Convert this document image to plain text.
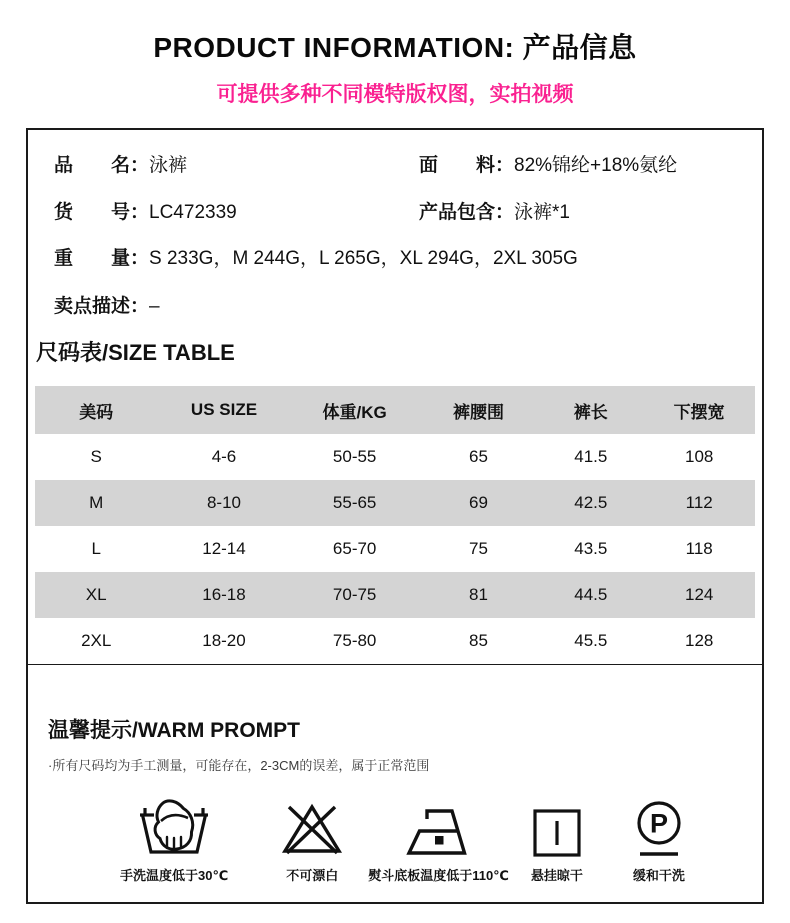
PRODUCT INFORMATION: 产品信息
可提供多种不同模特版权图，实拍视频
品　　名：泳裤	面　　料：82%锦纶+18%氨纶
货　　号：LC472339	产品包含：泳裤*1
重　　量：S 233G，M 244G，L 265G，XL 294G，2XL 305G
卖点描述：–
尺码表/SIZE TABLE
美码	US SIZE	体重/KG	裤腰围	裤长	下摆宽
S	4-6	50-55	65	41.5	108
M	8-10	55-65	69	42.5	112
L	12-14	65-70	75	43.5	118
XL	16-18	70-75	81	44.5	124
2XL	18-20	75-80	85	45.5	128
温馨提示/WARM PROMPT
·所有尺码均为手工测量，可能存在，2-3CM的误差，属于正常范围
手洗温度低于30℃	不可漂白 熨斗底板温度低于110℃ 悬挂晾干
P
缓和干洗
